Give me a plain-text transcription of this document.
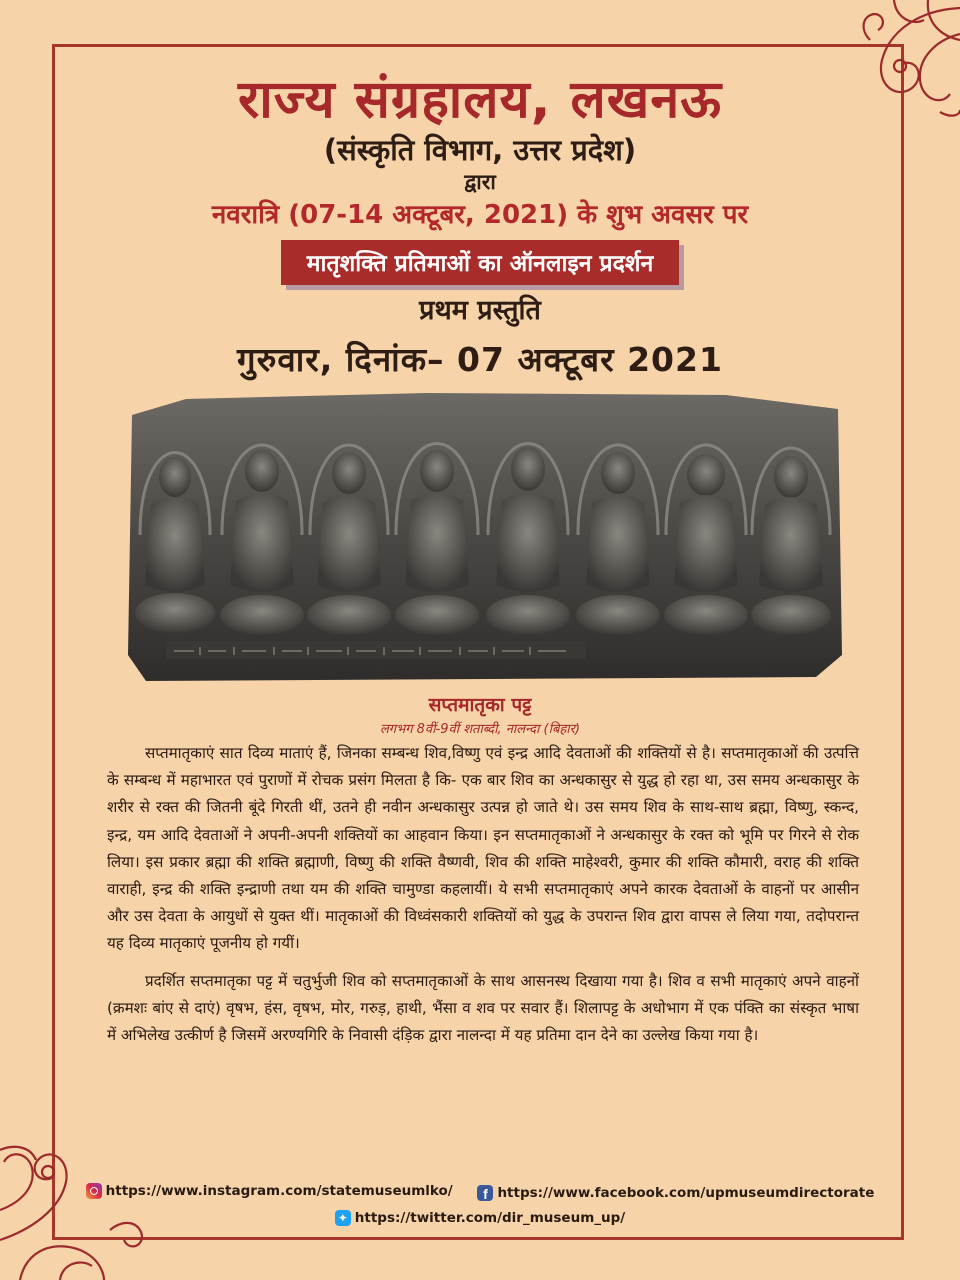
राज्य संग्रहालय, लखनऊ
(संस्कृति विभाग, उत्तर प्रदेश)
द्वारा
नवरात्रि (07-14 अक्टूबर, 2021) के शुभ अवसर पर
मातृशक्ति प्रतिमाओं का ऑनलाइन प्रदर्शन
प्रथम प्रस्तुति
गुरुवार, दिनांक– 07 अक्टूबर 2021
सप्तमातृका पट्ट
लगभग 8वीं-9वीं शताब्दी, नालन्दा (बिहार)

सप्तमातृकाएं सात दिव्य माताएं हैं, जिनका सम्बन्ध शिव,विष्णु एवं इन्द्र आदि देवताओं की शक्तियों से है। सप्तमातृकाओं की उत्पत्ति के सम्बन्ध में महाभारत एवं पुराणों में रोचक प्रसंग मिलता है कि- एक बार शिव का अन्धकासुर से युद्ध हो रहा था, उस समय अन्धकासुर के शरीर से रक्त की जितनी बूंदे गिरती थीं, उतने ही नवीन अन्धकासुर उत्पन्न हो जाते थे। उस समय शिव के साथ-साथ ब्रह्मा, विष्णु, स्कन्द, इन्द्र, यम आदि देवताओं ने अपनी-अपनी शक्तियों का आहवान किया। इन सप्तमातृकाओं ने अन्धकासुर के रक्त को भूमि पर गिरने से रोक लिया। इस प्रकार ब्रह्मा की शक्ति ब्रह्माणी, विष्णु की शक्ति वैष्णवी, शिव की शक्ति माहेश्वरी, कुमार की शक्ति कौमारी, वराह की शक्ति वाराही, इन्द्र की शक्ति इन्द्राणी तथा यम की शक्ति चामुण्डा कहलायीं। ये सभी सप्तमातृकाएं अपने कारक देवताओं के वाहनों पर आसीन और उस देवता के आयुधों से युक्त थीं। मातृकाओं की विध्वंसकारी शक्तियों को युद्ध के उपरान्त शिव द्वारा वापस ले लिया गया, तदोपरान्त यह दिव्य मातृकाएं पूजनीय हो गयीं।

प्रदर्शित सप्तमातृका पट्ट में चतुर्भुजी शिव को सप्तमातृकाओं के साथ आसनस्थ दिखाया गया है। शिव व सभी मातृकाएं अपने वाहनों (क्रमशः बांए से दाएं) वृषभ, हंस, वृषभ, मोर, गरुड़, हाथी, भैंसा व शव पर सवार हैं। शिलापट्ट के अधोभाग में एक पंक्ति का संस्कृत भाषा में अभिलेख उत्कीर्ण है जिसमें अरण्यगिरि के निवासी दंड़िक द्वारा नालन्दा में यह प्रतिमा दान देने का उल्लेख किया गया है।

https://www.instagram.com/statemuseumlko/
	f https://www.facebook.com/upmuseumdirectorate
✦ https://twitter.com/dir_museum_up/
